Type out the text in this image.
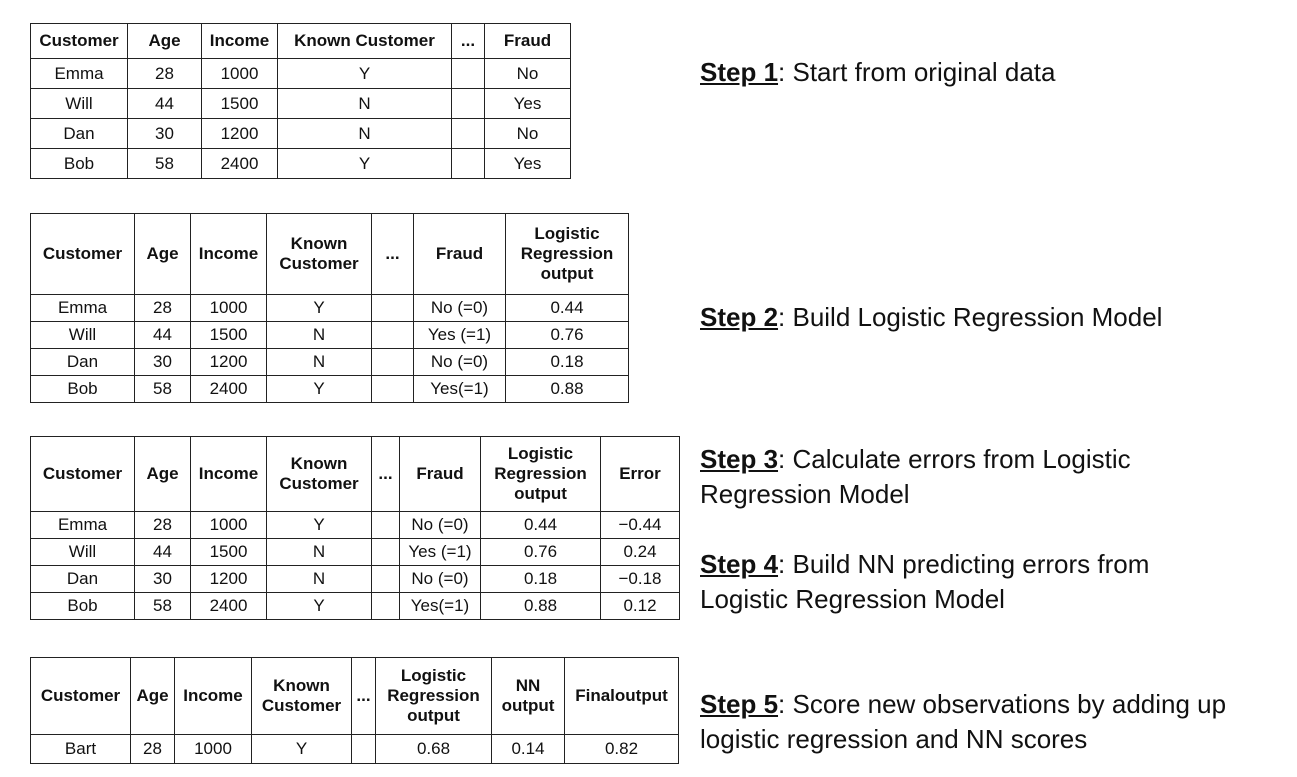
Customer	Age	Income	Known Customer	...	Fraud
Emma	28	1000	Y		No
Will	44	1500	N		Yes
Dan	30	1200	N		No
Bob	58	2400	Y		Yes
Customer	Age	Income	Known Customer	...	Fraud	Logistic Regression output
Emma	28	1000	Y		No (=0)	0.44
Will	44	1500	N		Yes (=1)	0.76
Dan	30	1200	N		No (=0)	0.18
Bob	58	2400	Y		Yes(=1)	0.88
Customer	Age	Income	Known Customer	...	Fraud	Logistic Regression output	Error
Emma	28	1000	Y		No (=0)	0.44	−0.44
Will	44	1500	N		Yes (=1)	0.76	0.24
Dan	30	1200	N		No (=0)	0.18	−0.18
Bob	58	2400	Y		Yes(=1)	0.88	0.12
Customer	Age	Income	Known Customer	...	Logistic Regression output	NN output	Finaloutput
Bart	28	1000	Y		0.68	0.14	0.82
Step 1: Start from original data
Step 2: Build Logistic Regression Model
Step 3: Calculate errors from Logistic
Regression Model
Step 4: Build NN predicting errors from
Logistic Regression Model
Step 5: Score new observations by adding up
logistic regression and NN scores
